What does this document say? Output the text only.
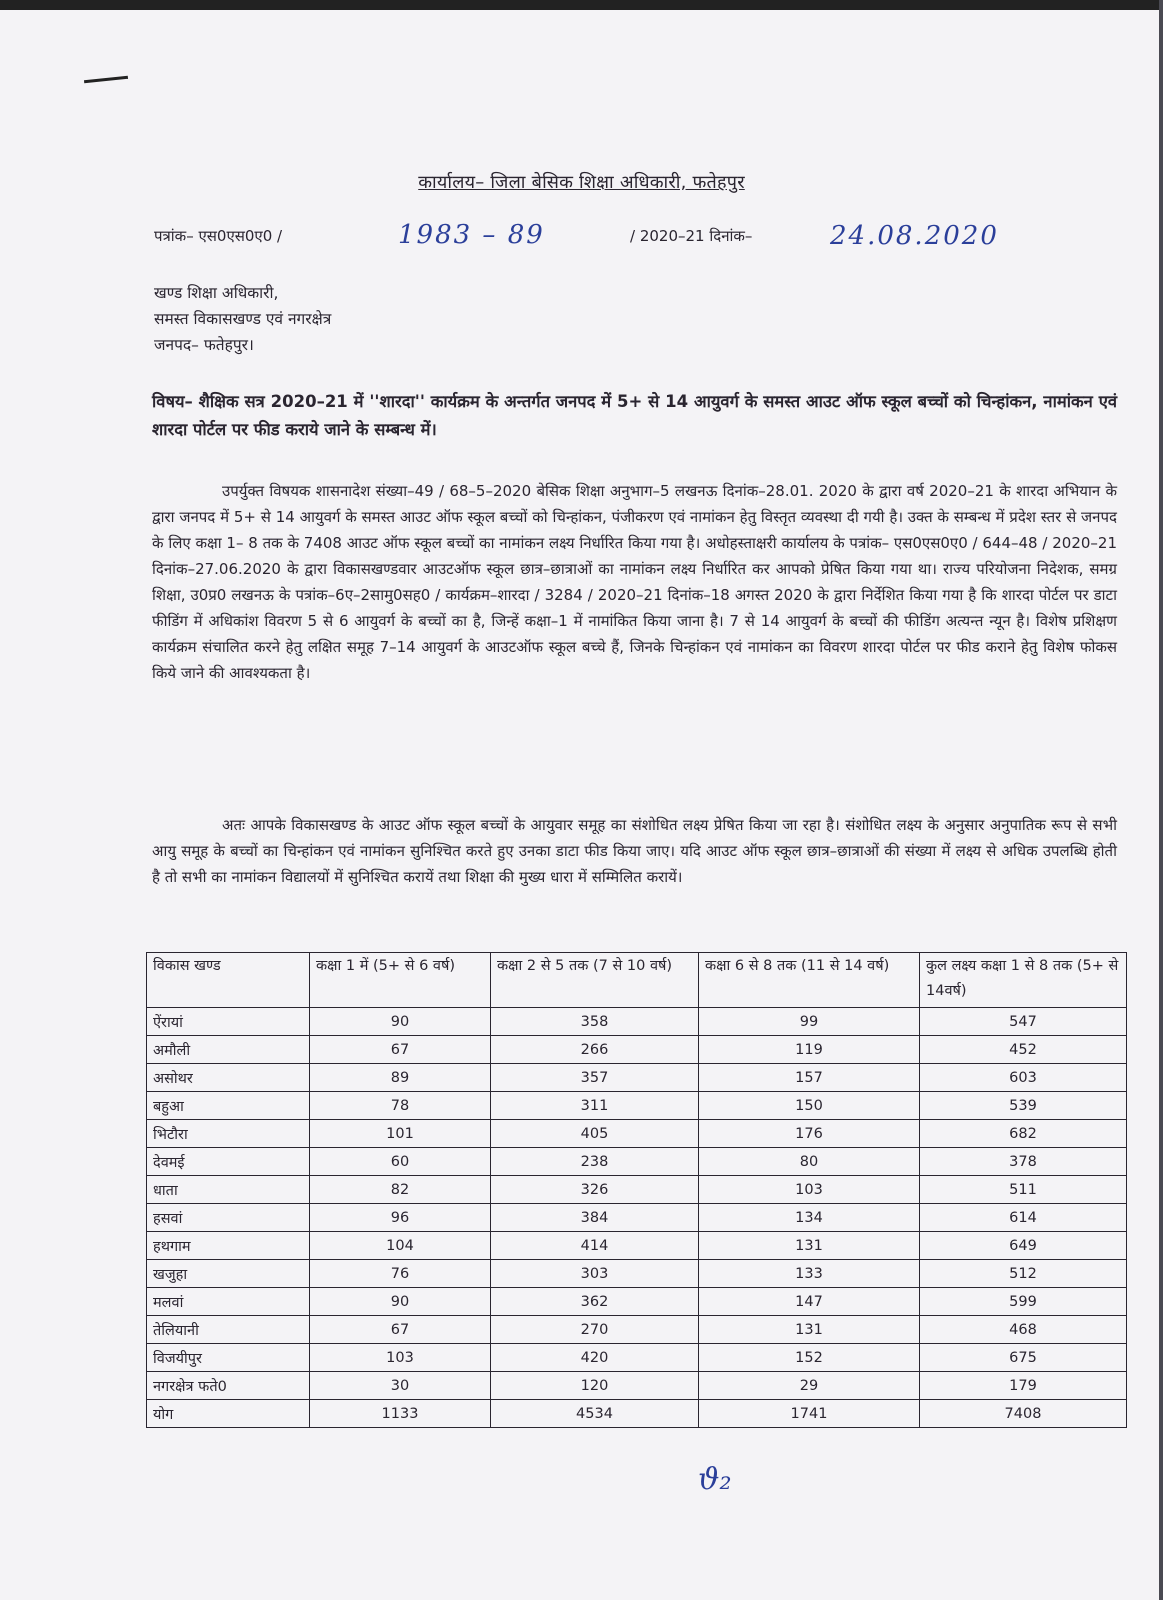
कार्यालय– जिला बेसिक शिक्षा अधिकारी, फतेहपुर
पत्रांक– एस0एस0ए0 /	1983 – 89	/ 2020–21 दिनांक–	24.08.2020
खण्ड शिक्षा अधिकारी,
समस्त विकासखण्ड एवं नगरक्षेत्र
जनपद– फतेहपुर।
विषय– शैक्षिक सत्र 2020–21 में ''शारदा'' कार्यक्रम के अन्तर्गत जनपद में 5+ से 14 आयुवर्ग के समस्त आउट ऑफ स्कूल बच्चों को चिन्हांकन, नामांकन एवं शारदा पोर्टल पर फीड कराये जाने के सम्बन्ध में।

उपर्युक्त विषयक शासनादेश संख्या–49 / 68–5–2020 बेसिक शिक्षा अनुभाग–5 लखनऊ दिनांक–28.01. 2020 के द्वारा वर्ष 2020–21 के शारदा अभियान के द्वारा जनपद में 5+ से 14 आयुवर्ग के समस्त आउट ऑफ स्कूल बच्चों को चिन्हांकन, पंजीकरण एवं नामांकन हेतु विस्तृत व्यवस्था दी गयी है। उक्त के सम्बन्ध में प्रदेश स्तर से जनपद के लिए कक्षा 1– 8 तक के 7408 आउट ऑफ स्कूल बच्चों का नामांकन लक्ष्य निर्धारित किया गया है। अधोहस्ताक्षरी कार्यालय के पत्रांक– एस0एस0ए0 / 644–48 / 2020–21 दिनांक–27.06.2020 के द्वारा विकासखण्डवार आउटऑफ स्कूल छात्र–छात्राओं का नामांकन लक्ष्य निर्धारित कर आपको प्रेषित किया गया था। राज्य परियोजना निदेशक, समग्र शिक्षा, उ0प्र0 लखनऊ के पत्रांक–6ए–2सामु0सह0 / कार्यक्रम–शारदा / 3284 / 2020–21 दिनांक–18 अगस्त 2020 के द्वारा निर्देशित किया गया है कि शारदा पोर्टल पर डाटा फीडिंग में अधिकांश विवरण 5 से 6 आयुवर्ग के बच्चों का है, जिन्हें कक्षा–1 में नामांकित किया जाना है। 7 से 14 आयुवर्ग के बच्चों की फीडिंग अत्यन्त न्यून है। विशेष प्रशिक्षण कार्यक्रम संचालित करने हेतु लक्षित समूह 7–14 आयुवर्ग के आउटऑफ स्कूल बच्चे हैं, जिनके चिन्हांकन एवं नामांकन का विवरण शारदा पोर्टल पर फीड कराने हेतु विशेष फोकस किये जाने की आवश्यकता है।

अतः आपके विकासखण्ड के आउट ऑफ स्कूल बच्चों के आयुवार समूह का संशोधित लक्ष्य प्रेषित किया जा रहा है। संशोधित लक्ष्य के अनुसार अनुपातिक रूप से सभी आयु समूह के बच्चों का चिन्हांकन एवं नामांकन सुनिश्चित करते हुए उनका डाटा फीड किया जाए। यदि आउट ऑफ स्कूल छात्र–छात्राओं की संख्या में लक्ष्य से अधिक उपलब्धि होती है तो सभी का नामांकन विद्यालयों में सुनिश्चित करायें तथा शिक्षा की मुख्य धारा में सम्मिलित करायें।

विकास खण्ड	कक्षा 1 में (5+ से 6 वर्ष)	कक्षा 2 से 5 तक (7 से 10 वर्ष)	कक्षा 6 से 8 तक (11 से 14 वर्ष)	कुल लक्ष्य कक्षा 1 से 8 तक (5+ से 14वर्ष)
ऐंरायां	90	358	99	547
अमौली	67	266	119	452
असोथर	89	357	157	603
बहुआ	78	311	150	539
भिटौरा	101	405	176	682
देवमई	60	238	80	378
धाता	82	326	103	511
हसवां	96	384	134	614
हथगाम	104	414	131	649
खजुहा	76	303	133	512
मलवां	90	362	147	599
तेलियानी	67	270	131	468
विजयीपुर	103	420	152	675
नगरक्षेत्र फते0	30	120	29	179
योग	1133	4534	1741	7408
ϑ₂
